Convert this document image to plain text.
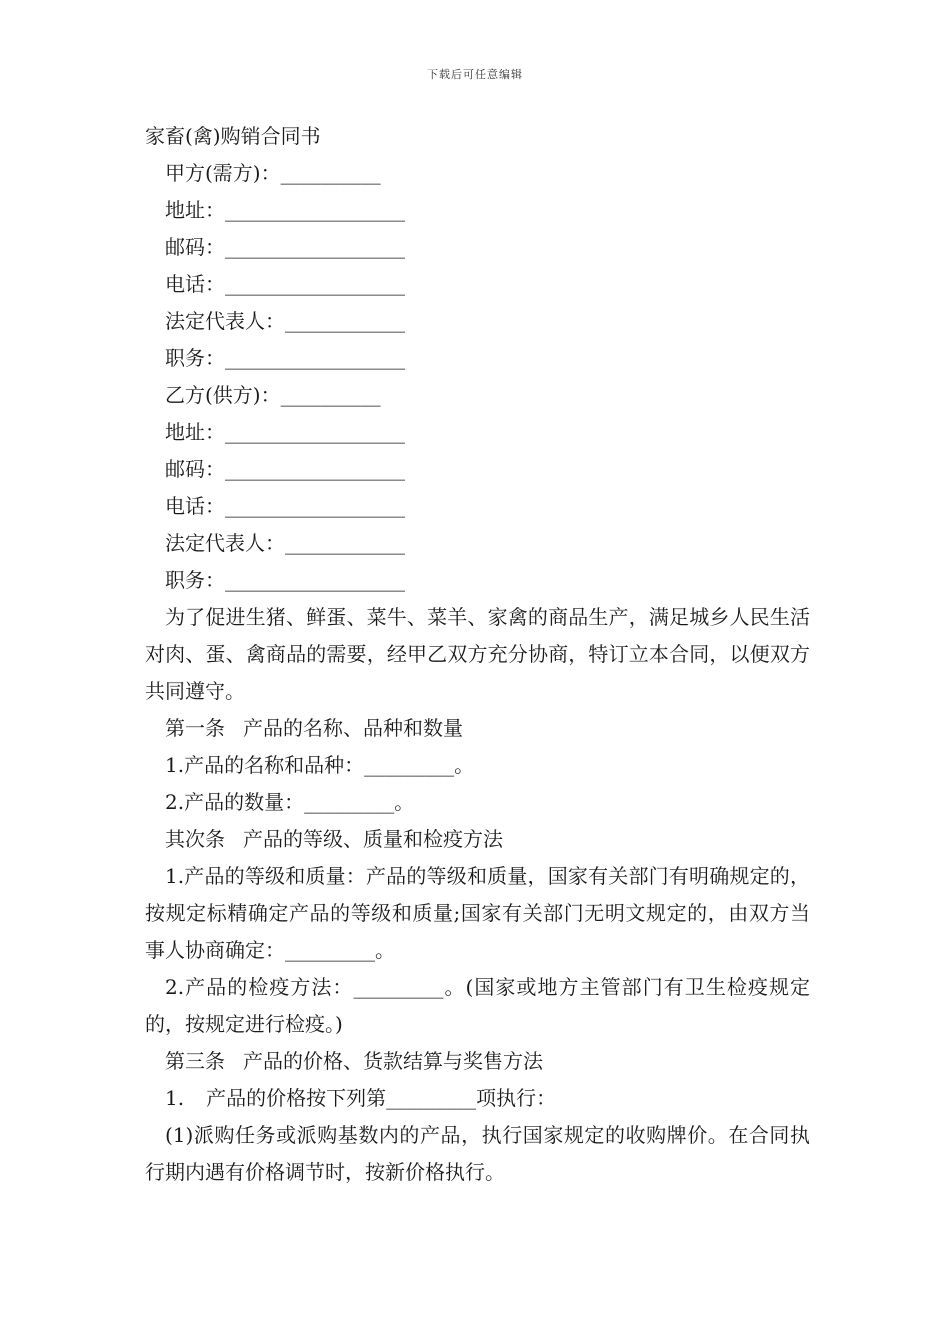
下载后可任意编辑

家畜(禽)购销合同书

甲方(需方)：__________

地址：__________________

邮码：__________________

电话：__________________

法定代表人：____________

职务：__________________

乙方(供方)：__________

地址：__________________

邮码：__________________

电话：__________________

法定代表人：____________

职务：__________________

为了促进生猪、鲜蛋、菜牛、菜羊、家禽的商品生产，满足城乡人民生活对肉、蛋、禽商品的需要，经甲乙双方充分协商，特订立本合同，以便双方共同遵守。

第一条 产品的名称、品种和数量

1.产品的名称和品种：_________。

2.产品的数量：_________。

其次条 产品的等级、质量和检疫方法

1.产品的等级和质量：产品的等级和质量，国家有关部门有明确规定的，按规定标精确定产品的等级和质量;国家有关部门无明文规定的，由双方当事人协商确定：_________。

2.产品的检疫方法：_________。(国家或地方主管部门有卫生检疫规定的，按规定进行检疫。)

第三条 产品的价格、货款结算与奖售方法

1. 产品的价格按下列第_________项执行：

(1)派购任务或派购基数内的产品，执行国家规定的收购牌价。在合同执行期内遇有价格调节时，按新价格执行。
